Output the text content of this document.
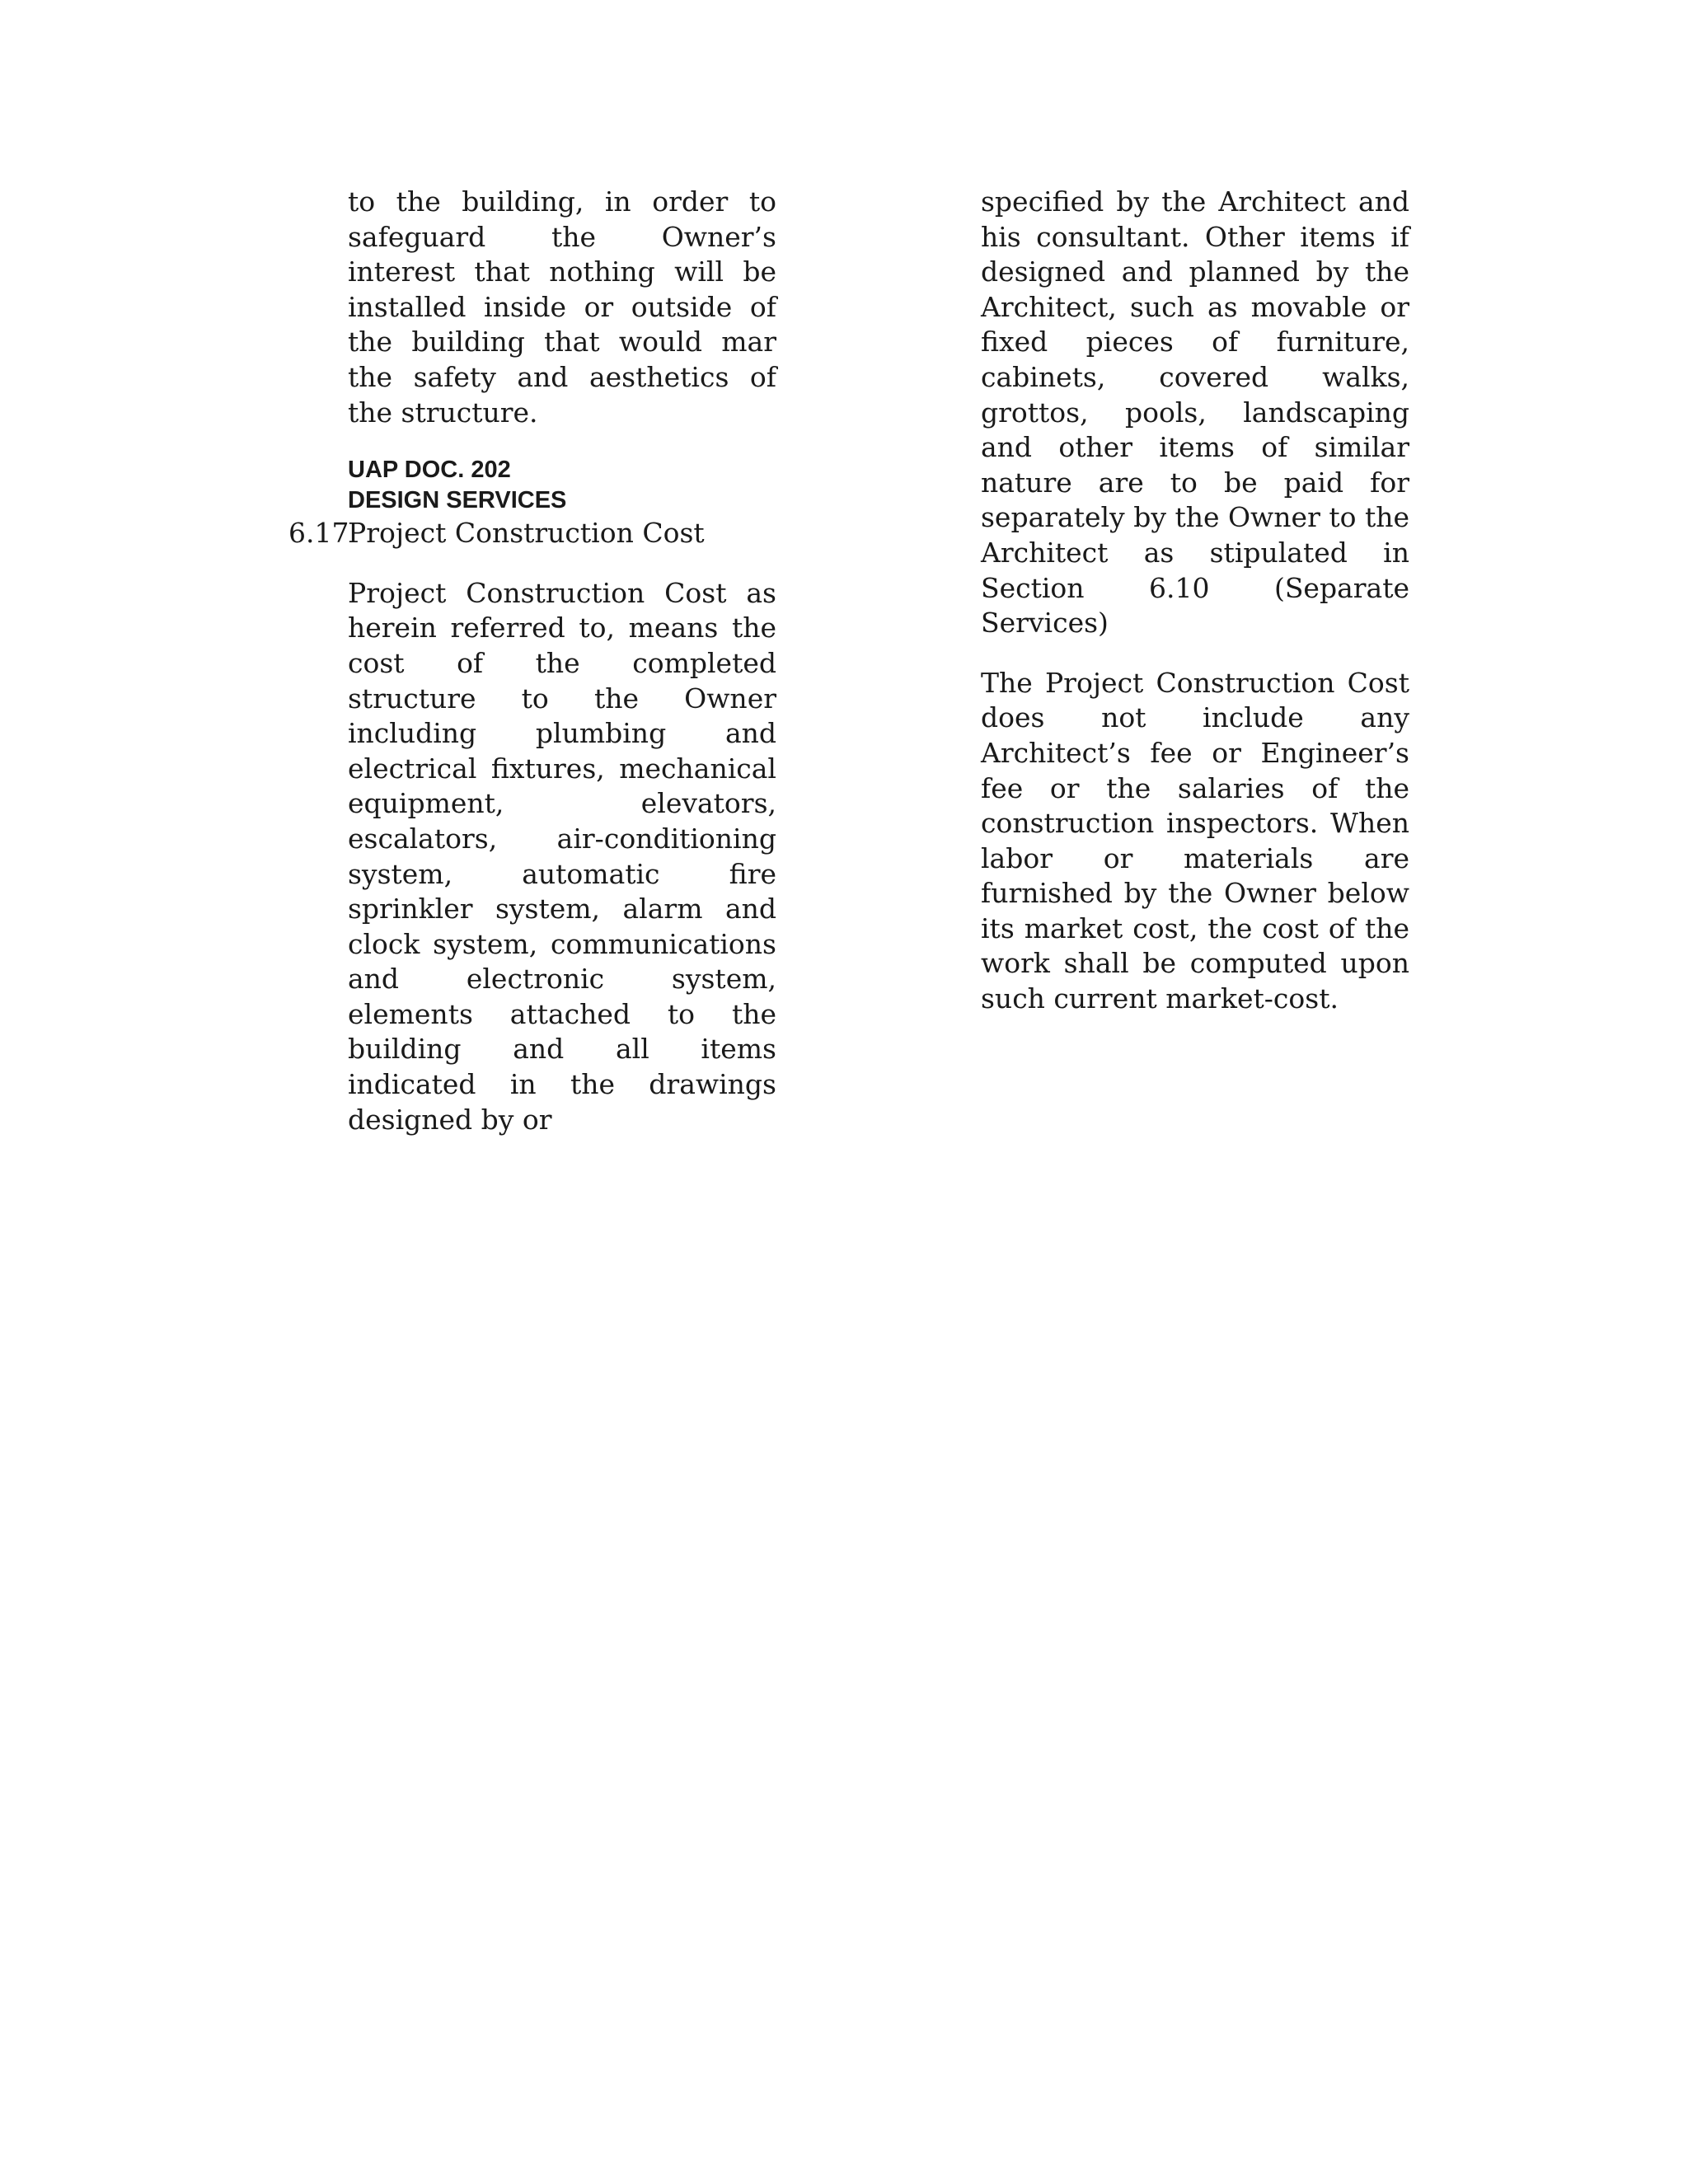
to the building, in order to safeguard the Owner’s interest that nothing will be installed inside or outside of the building that would mar the safety and aesthetics of the structure.

UAP DOC. 202

DESIGN SERVICES

6.17
Project Construction Cost

Project Construction Cost as herein referred to, means the cost of the completed structure to the Owner including plumbing and electrical fixtures, mechanical equipment, elevators, escalators, air-conditioning system, automatic fire sprinkler system, alarm and clock system, communications and electronic system, elements attached to the building and all items indicated in the drawings designed by or

specified by the Architect and his consultant. Other items if designed and planned by the Architect, such as movable or fixed pieces of furniture, cabinets, covered walks, grottos, pools, landscaping and other items of similar nature are to be paid for separately by the Owner to the Architect as stipulated in Section 6.10 (Separate Services)

The Project Construction Cost does not include any Architect’s fee or Engineer’s fee or the salaries of the construction inspectors. When labor or materials are furnished by the Owner below its market cost, the cost of the work shall be computed upon such current market-cost.
